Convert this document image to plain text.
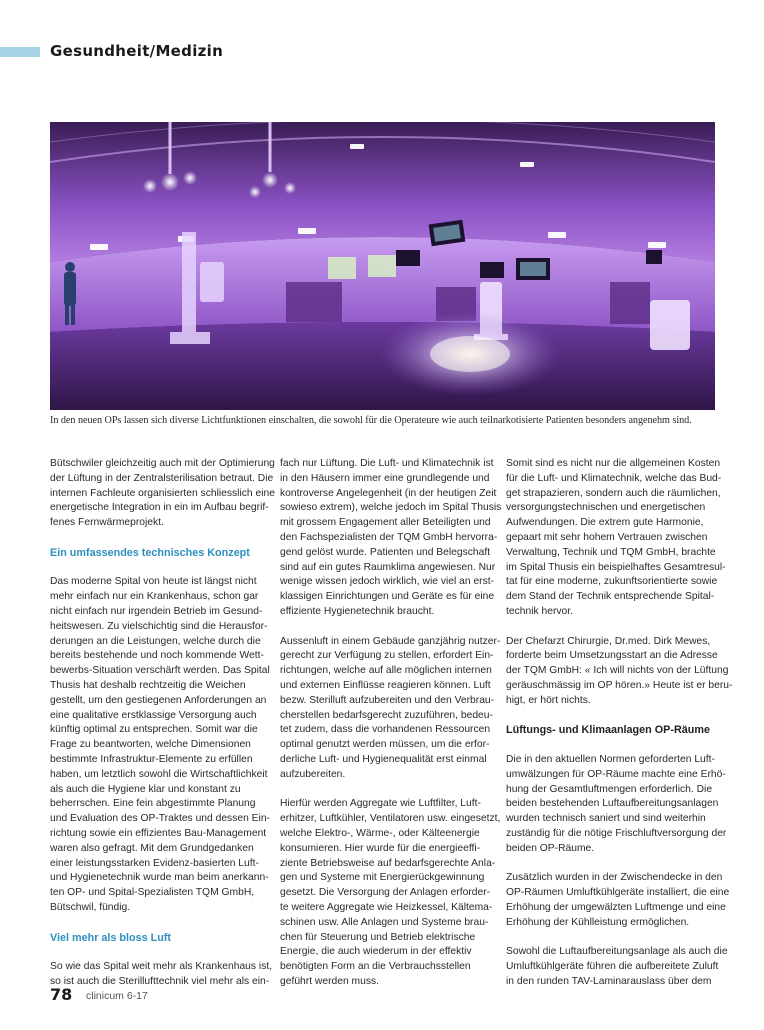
Gesundheit/Medizin
In den neuen OPs lassen sich diverse Lichtfunktionen einschalten, die sowohl für die Operateure wie auch teilnarkotisierte Patienten besonders angenehm sind.

Bütschwiler gleichzeitig auch mit der Optimierung
der Lüftung in der Zentralsterilisation betraut. Die
internen Fachleute organisierten schliesslich eine
energetische Integration in ein im Aufbau begrif-
fenes Fernwärmeprojekt.

Ein umfassendes technisches Konzept

Das moderne Spital von heute ist längst nicht
mehr einfach nur ein Krankenhaus, schon gar
nicht einfach nur irgendein Betrieb im Gesund-
heitswesen. Zu vielschichtig sind die Herausfor-
derungen an die Leistungen, welche durch die
bereits bestehende und noch kommende Wett-
bewerbs-Situation verschärft werden. Das Spital
Thusis hat deshalb rechtzeitig die Weichen
gestellt, um den gestiegenen Anforderungen an
eine qualitative erstklassige Versorgung auch
künftig optimal zu entsprechen. Somit war die
Frage zu beantworten, welche Dimensionen
bestimmte Infrastruktur-Elemente zu erfüllen
haben, um letztlich sowohl die Wirtschaftlichkeit
als auch die Hygiene klar und konstant zu
beherrschen. Eine fein abgestimmte Planung
und Evaluation des OP-Traktes und dessen Ein-
richtung sowie ein effizientes Bau-Management
waren also gefragt. Mit dem Grundgedanken
einer leistungsstarken Evidenz-basierten Luft-
und Hygienetechnik wurde man beim anerkann-
ten OP- und Spital-Spezialisten TQM GmbH,
Bütschwil, fündig.

Viel mehr als bloss Luft

So wie das Spital weit mehr als Krankenhaus ist,
so ist auch die Sterillufttechnik viel mehr als ein-

fach nur Lüftung. Die Luft- und Klimatechnik ist
in den Häusern immer eine grundlegende und
kontroverse Angelegenheit (in der heutigen Zeit
sowieso extrem), welche jedoch im Spital Thusis
mit grossem Engagement aller Beteiligten und
den Fachspezialisten der TQM GmbH hervorra-
gend gelöst wurde. Patienten und Belegschaft
sind auf ein gutes Raumklima angewiesen. Nur
wenige wissen jedoch wirklich, wie viel an erst-
klassigen Einrichtungen und Geräte es für eine
effiziente Hygienetechnik braucht.

Aussenluft in einem Gebäude ganzjährig nutzer-
gerecht zur Verfügung zu stellen, erfordert Ein-
richtungen, welche auf alle möglichen internen
und externen Einflüsse reagieren können. Luft
bezw. Sterilluft aufzubereiten und den Verbrau-
cherstellen bedarfsgerecht zuzuführen, bedeu-
tet zudem, dass die vorhandenen Ressourcen
optimal genutzt werden müssen, um die erfor-
derliche Luft- und Hygienequalität erst einmal
aufzubereiten.

Hierfür werden Aggregate wie Luftfilter, Luft-
erhitzer, Luftkühler, Ventilatoren usw. eingesetzt,
welche Elektro-, Wärme-, oder Kälteenergie
konsumieren. Hier wurde für die energieeffi-
ziente Betriebsweise auf bedarfsgerechte Anla-
gen und Systeme mit Energierückgewinnung
gesetzt. Die Versorgung der Anlagen erforder-
te weitere Aggregate wie Heizkessel, Kältema-
schinen usw. Alle Anlagen und Systeme brau-
chen für Steuerung und Betrieb elektrische
Energie, die auch wiederum in der effektiv
benötigten Form an die Verbrauchsstellen
geführt werden muss.

Somit sind es nicht nur die allgemeinen Kosten
für die Luft- und Klimatechnik, welche das Bud-
get strapazieren, sondern auch die räumlichen,
versorgungstechnischen und energetischen
Aufwendungen. Die extrem gute Harmonie,
gepaart mit sehr hohem Vertrauen zwischen
Verwaltung, Technik und TQM GmbH, brachte
im Spital Thusis ein beispielhaftes Gesamtresul-
tat für eine moderne, zukunftsorientierte sowie
dem Stand der Technik entsprechende Spital-
technik hervor.

Der Chefarzt Chirurgie, Dr.med. Dirk Mewes,
forderte beim Umsetzungsstart an die Adresse
der TQM GmbH: « Ich will nichts von der Lüftung
geräuschmässig im OP hören.» Heute ist er beru-
higt, er hört nichts.

Lüftungs- und Klimaanlagen OP-Räume

Die in den aktuellen Normen geforderten Luft-
umwälzungen für OP-Räume machte eine Erhö-
hung der Gesamtluftmengen erforderlich. Die
beiden bestehenden Luftaufbereitungsanlagen
wurden technisch saniert und sind weiterhin
zuständig für die nötige Frischluftversorgung der
beiden OP-Räume.

Zusätzlich wurden in der Zwischendecke in den
OP-Räumen Umluftkühlgeräte installiert, die eine
Erhöhung der umgewälzten Luftmenge und eine
Erhöhung der Kühlleistung ermöglichen.

Sowohl die Luftaufbereitungsanlage als auch die
Umluftkühlgeräte führen die aufbereitete Zuluft
in den runden TAV-Laminarauslass über dem

78 clinicum 6-17
